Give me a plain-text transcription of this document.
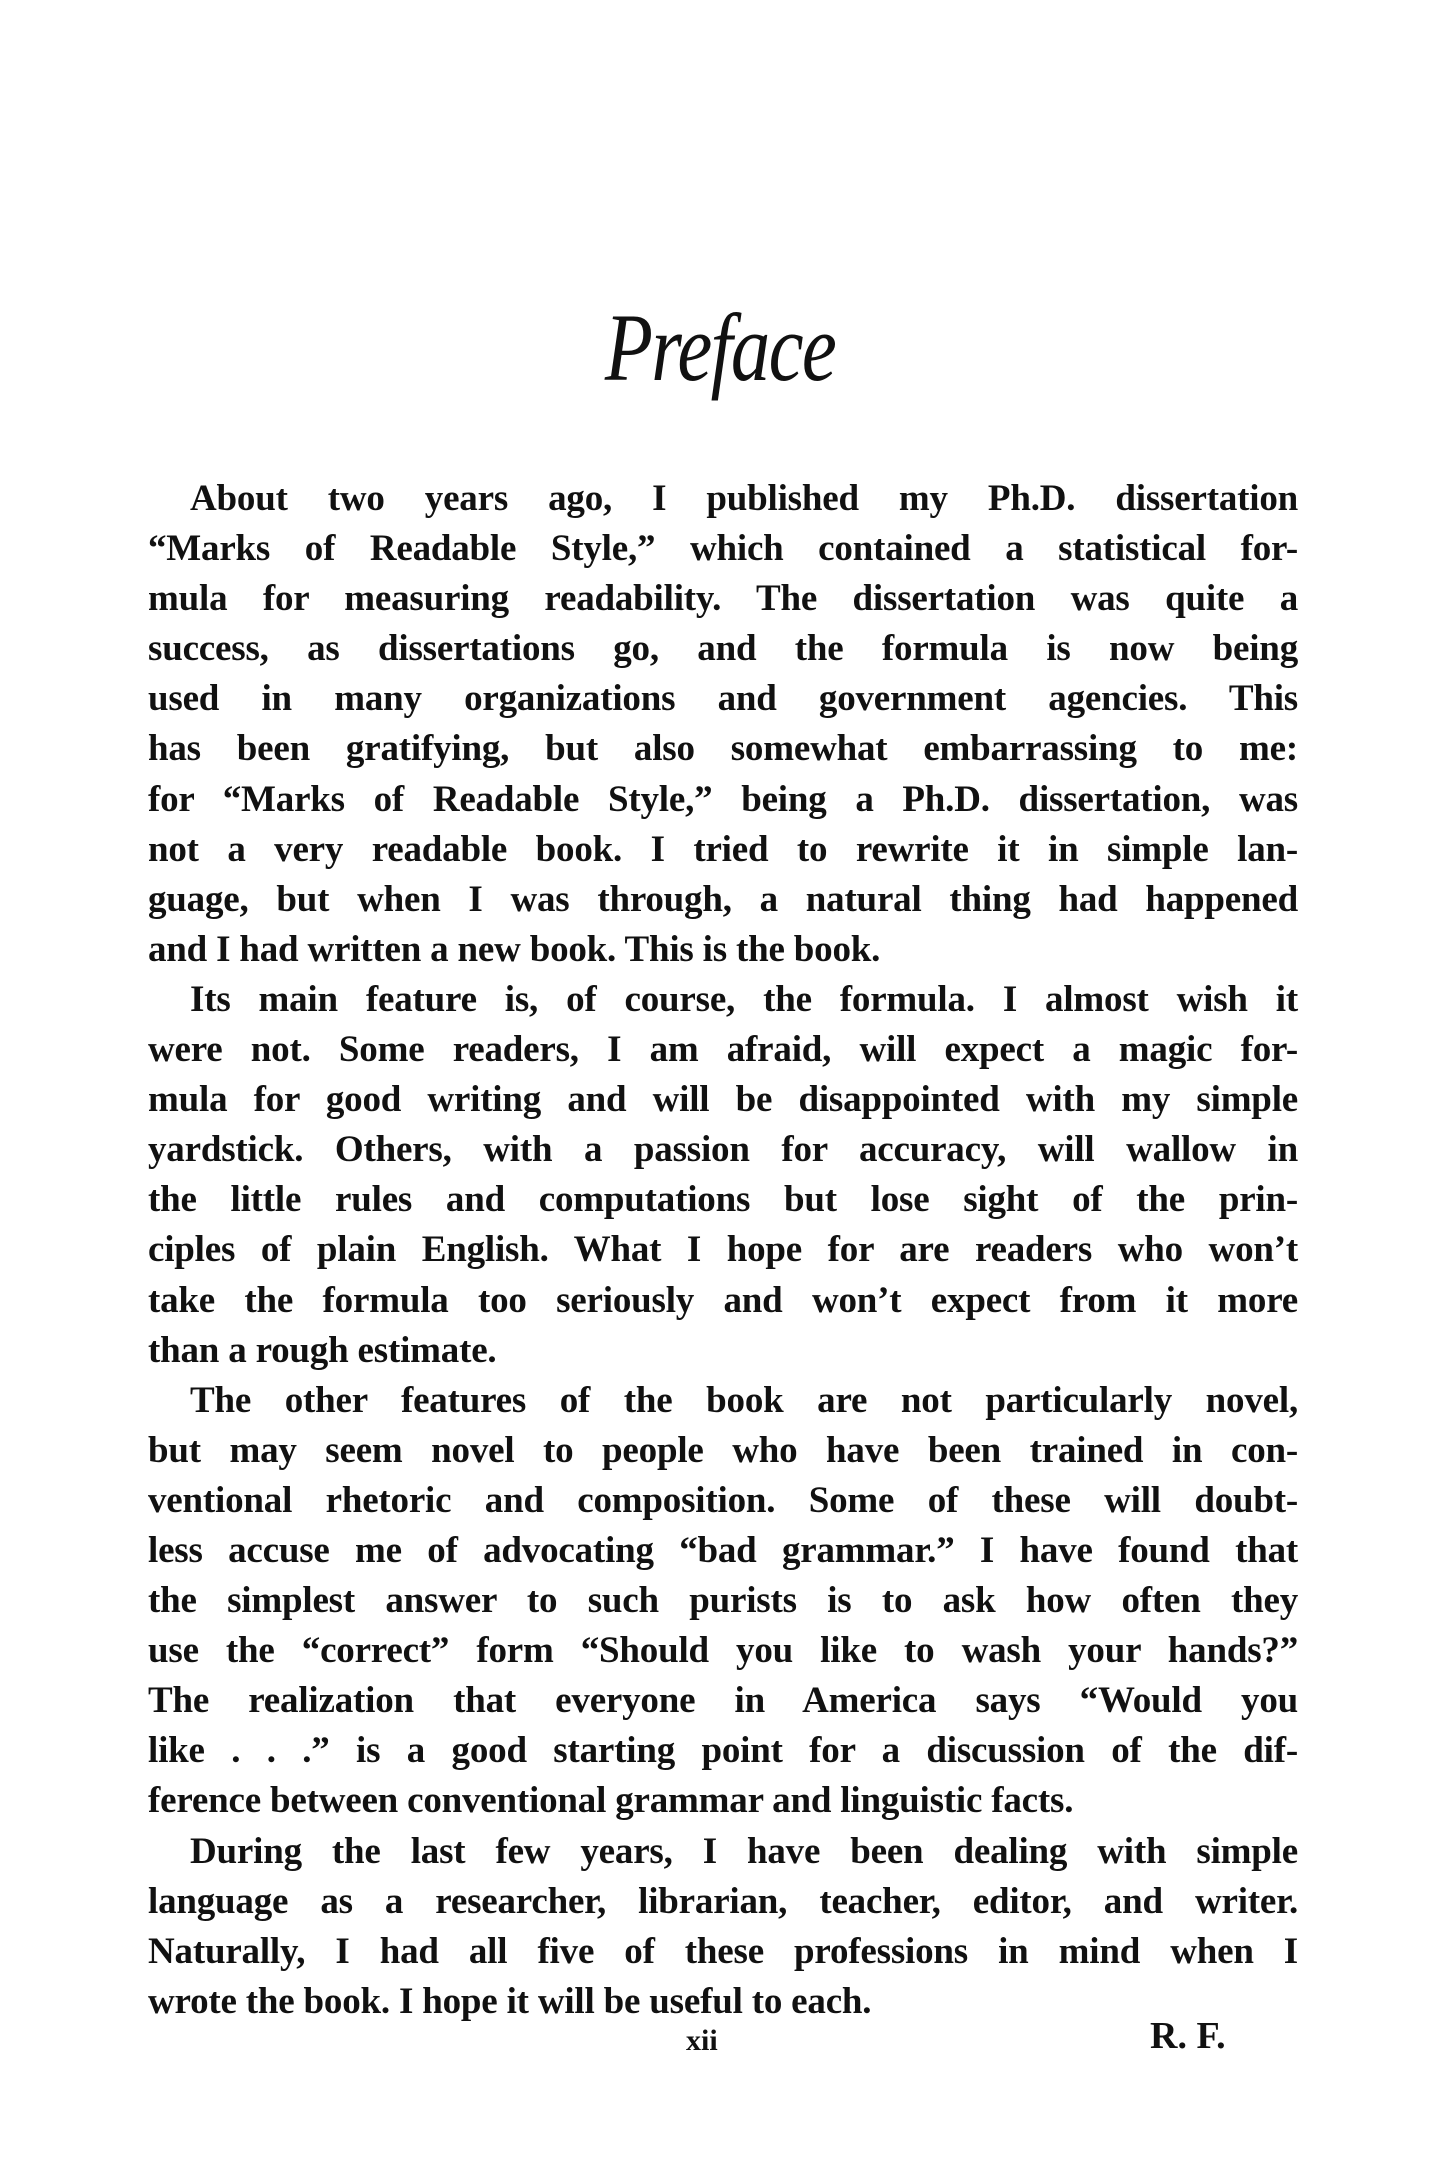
Preface
About two years ago, I published my Ph.D. dissertation
“Marks of Readable Style,” which contained a statistical for-
mula for measuring readability. The dissertation was quite a
success, as dissertations go, and the formula is now being
used in many organizations and government agencies. This
has been gratifying, but also somewhat embarrassing to me:
for “Marks of Readable Style,” being a Ph.D. dissertation, was
not a very readable book. I tried to rewrite it in simple lan-
guage, but when I was through, a natural thing had happened
and I had written a new book. This is the book.
Its main feature is, of course, the formula. I almost wish it
were not. Some readers, I am afraid, will expect a magic for-
mula for good writing and will be disappointed with my simple
yardstick. Others, with a passion for accuracy, will wallow in
the little rules and computations but lose sight of the prin-
ciples of plain English. What I hope for are readers who won’t
take the formula too seriously and won’t expect from it more
than a rough estimate.
The other features of the book are not particularly novel,
but may seem novel to people who have been trained in con-
ventional rhetoric and composition. Some of these will doubt-
less accuse me of advocating “bad grammar.” I have found that
the simplest answer to such purists is to ask how often they
use the “correct” form “Should you like to wash your hands?”
The realization that everyone in America says “Would you
like . . .” is a good starting point for a discussion of the dif-
ference between conventional grammar and linguistic facts.
During the last few years, I have been dealing with simple
language as a researcher, librarian, teacher, editor, and writer.
Naturally, I had all five of these professions in mind when I
wrote the book. I hope it will be useful to each.
xii	R. F.
